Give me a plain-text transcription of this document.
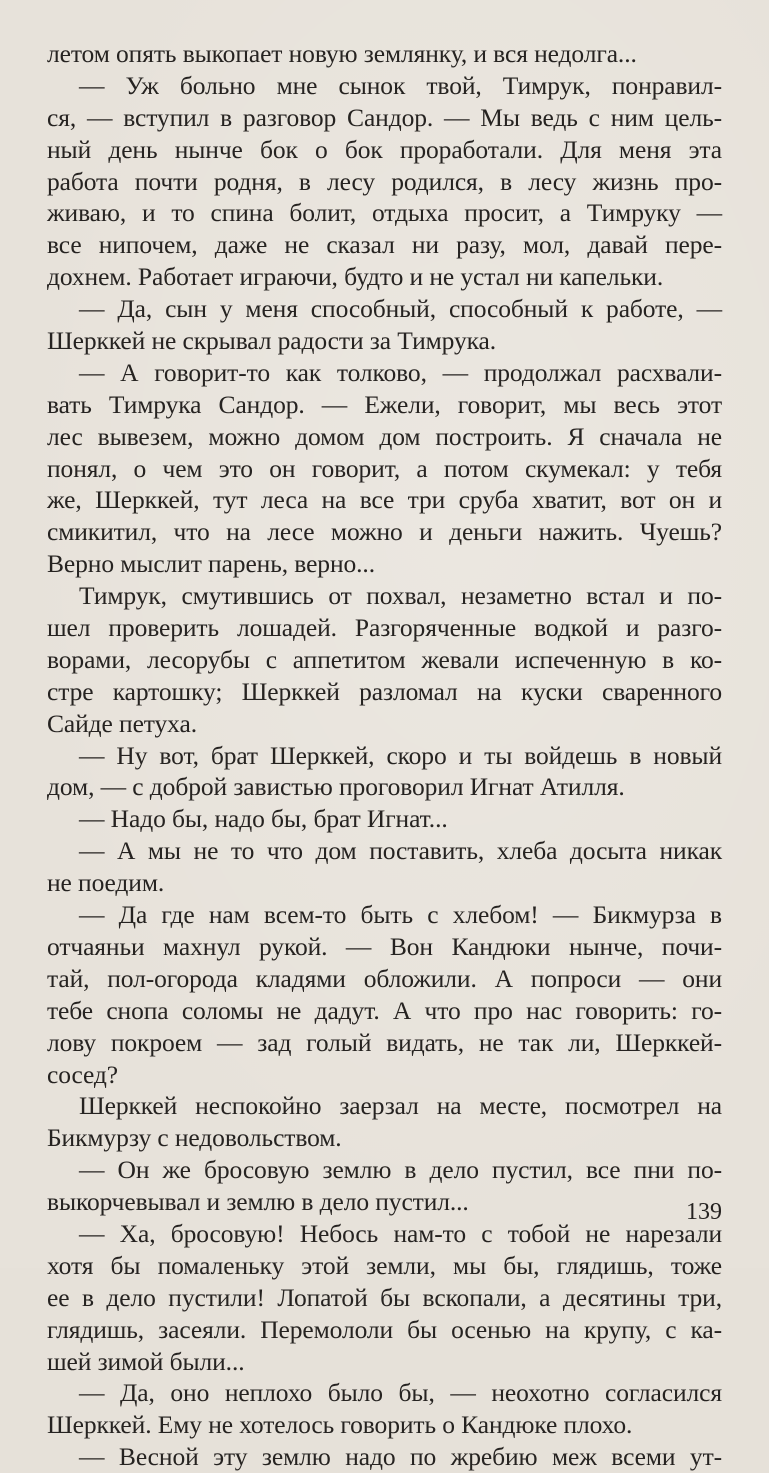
летом опять выкопает новую землянку, и вся недолга...
— Уж больно мне сынок твой, Тимрук, понравил-
ся, — вступил в разговор Сандор. — Мы ведь с ним цель-
ный день нынче бок о бок проработали. Для меня эта
работа почти родня, в лесу родился, в лесу жизнь про-
живаю, и то спина болит, отдыха просит, а Тимруку —
все нипочем, даже не сказал ни разу, мол, давай пере-
дохнем. Работает играючи, будто и не устал ни капельки.
— Да, сын у меня способный, способный к работе, —
Шерккей не скрывал радости за Тимрука.
— А говорит-то как толково, — продолжал расхвали-
вать Тимрука Сандор. — Ежели, говорит, мы весь этот
лес вывезем, можно домом дом построить. Я сначала не
понял, о чем это он говорит, а потом скумекал: у тебя
же, Шерккей, тут леса на все три сруба хватит, вот он и
смикитил, что на лесе можно и деньги нажить. Чуешь?
Верно мыслит парень, верно...
Тимрук, смутившись от похвал, незаметно встал и по-
шел проверить лошадей. Разгоряченные водкой и разго-
ворами, лесорубы с аппетитом жевали испеченную в ко-
стре картошку; Шерккей разломал на куски сваренного
Сайде петуха.
— Ну вот, брат Шерккей, скоро и ты войдешь в новый
дом, — с доброй завистью проговорил Игнат Атилля.
— Надо бы, надо бы, брат Игнат...
— А мы не то что дом поставить, хлеба досыта никак
не поедим.
— Да где нам всем-то быть с хлебом! — Бикмурза в
отчаяньи махнул рукой. — Вон Кандюки нынче, почи-
тай, пол-огорода кладями обложили. А попроси — они
тебе снопа соломы не дадут. А что про нас говорить: го-
лову покроем — зад голый видать, не так ли, Шерккей-
сосед?
Шерккей неспокойно заерзал на месте, посмотрел на
Бикмурзу с недовольством.
— Он же бросовую землю в дело пустил, все пни по-
выкорчевывал и землю в дело пустил...
— Ха, бросовую! Небось нам-то с тобой не нарезали
хотя бы помаленьку этой земли, мы бы, глядишь, тоже
ее в дело пустили! Лопатой бы вскопали, а десятины три,
глядишь, засеяли. Перемололи бы осенью на крупу, с ка-
шей зимой были...
— Да, оно неплохо было бы, — неохотно согласился
Шерккей. Ему не хотелось говорить о Кандюке плохо.
— Весной эту землю надо по жребию меж всеми ут-
139
